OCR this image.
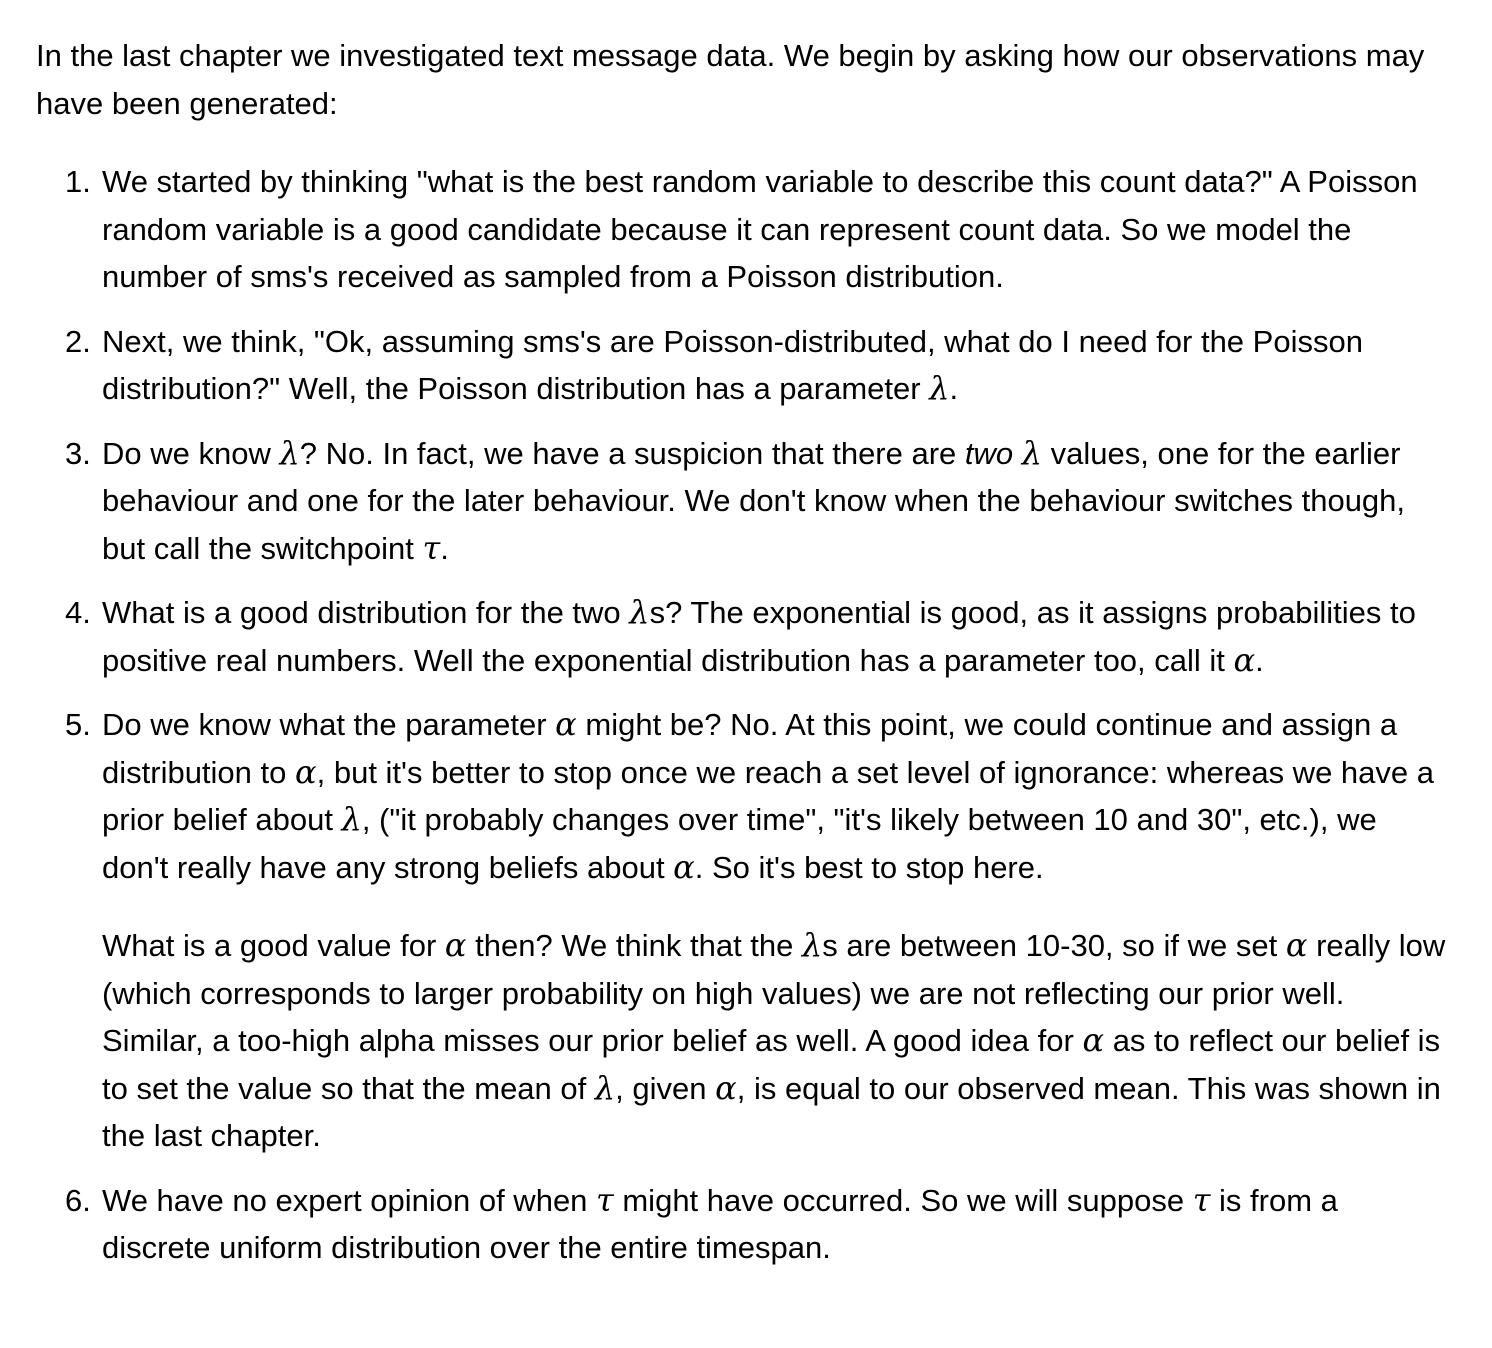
In the last chapter we investigated text message data. We begin by asking how our observations may have been generated:

1. We started by thinking "what is the best random variable to describe this count data?" A Poisson random variable is a good candidate because it can represent count data. So we model the number of sms's received as sampled from a Poisson distribution.
2. Next, we think, "Ok, assuming sms's are Poisson-distributed, what do I need for the Poisson distribution?" Well, the Poisson distribution has a parameter λ.
3. Do we know λ? No. In fact, we have a suspicion that there are two λ values, one for the earlier behaviour and one for the later behaviour. We don't know when the behaviour switches though, but call the switchpoint τ.
4. What is a good distribution for the two λs? The exponential is good, as it assigns probabilities to positive real numbers. Well the exponential distribution has a parameter too, call it α.
5. Do we know what the parameter α might be? No. At this point, we could continue and assign a distribution to α, but it's better to stop once we reach a set level of ignorance: whereas we have a prior belief about λ, ("it probably changes over time", "it's likely between 10 and 30", etc.), we don't really have any strong beliefs about α. So it's best to stop here.
What is a good value for α then? We think that the λs are between 10-30, so if we set α really low (which corresponds to larger probability on high values) we are not reflecting our prior well. Similar, a too-high alpha misses our prior belief as well. A good idea for α as to reflect our belief is to set the value so that the mean of λ, given α, is equal to our observed mean. This was shown in the last chapter.
6. We have no expert opinion of when τ might have occurred. So we will suppose τ is from a discrete uniform distribution over the entire timespan.
